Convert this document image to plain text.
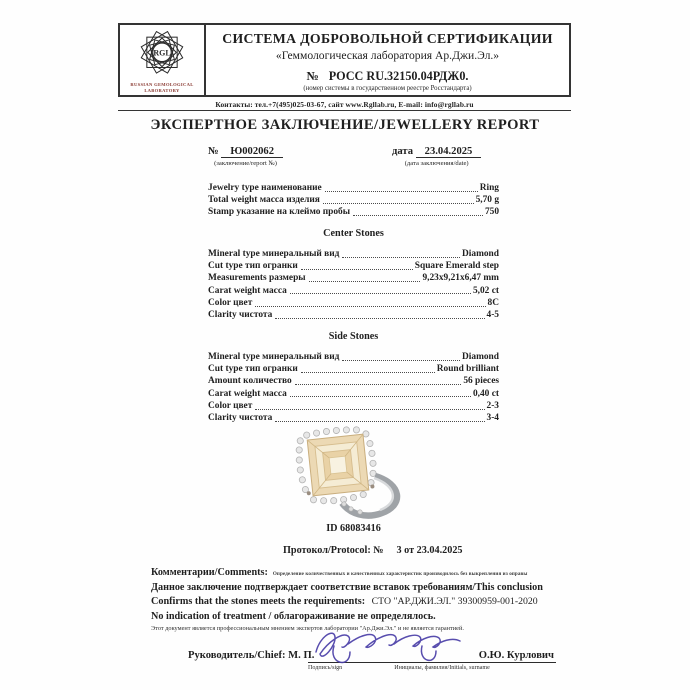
RGL
RUSSIAN GEMOLOGICAL
LABORATORY
СИСТЕМА ДОБРОВОЛЬНОЙ СЕРТИФИКАЦИИ
«Геммологическая лаборатория Ар.Джи.Эл.»
№ РОСС RU.32150.04РДЖ0.
(номер системы в государственном реестре Росстандарта)
Контакты: тел.+7(495)025-03-67, сайт www.Rgllab.ru, E-mail: info@rgllab.ru
ЭКСПЕРТНОЕ ЗАКЛЮЧЕНИЕ/JEWELLERY REPORT
№ Ю002062
(заключение/report №)
дата 23.04.2025
(дата заключения/date)
Jewelry type наименование	Ring
Total weight масса изделия	5,70 g
Stamp указание на клеймо пробы	750
Center Stones
Mineral type минеральный вид	Diamond
Cut type тип огранки	Square Emerald step
Measurements размеры	9,23x9,21x6,47 mm
Carat weight масса	5,02 ct
Color цвет	8C
Clarity чистота	4-5
Side Stones
Mineral type минеральный вид	Diamond
Cut type тип огранки	Round brilliant
Amount количество	56 pieces
Carat weight масса	0,40 ct
Color цвет	2-3
Clarity чистота	3-4
ID 68083416
Протокол/Protocol: № 3 от 23.04.2025
Комментарии/Comments: Определение количественных и качественных характеристик производилось без выкрепления из оправы
Данное заключение подтверждает соответствие вставок требованиям/This conclusion
Confirms that the stones meets the requirements: СТО "АР.ДЖИ.ЭЛ." 39300959-001-2020
No indication of treatment / облагораживание не определялось.
Этот документ является профессиональным мнением экспертов лаборатории "Ар.Джи.Эл." и не является гарантией.
Руководитель/Chief: М. П.	О.Ю. Курлович
Подпись/sign	Инициалы, фамилия/Initials, surname
